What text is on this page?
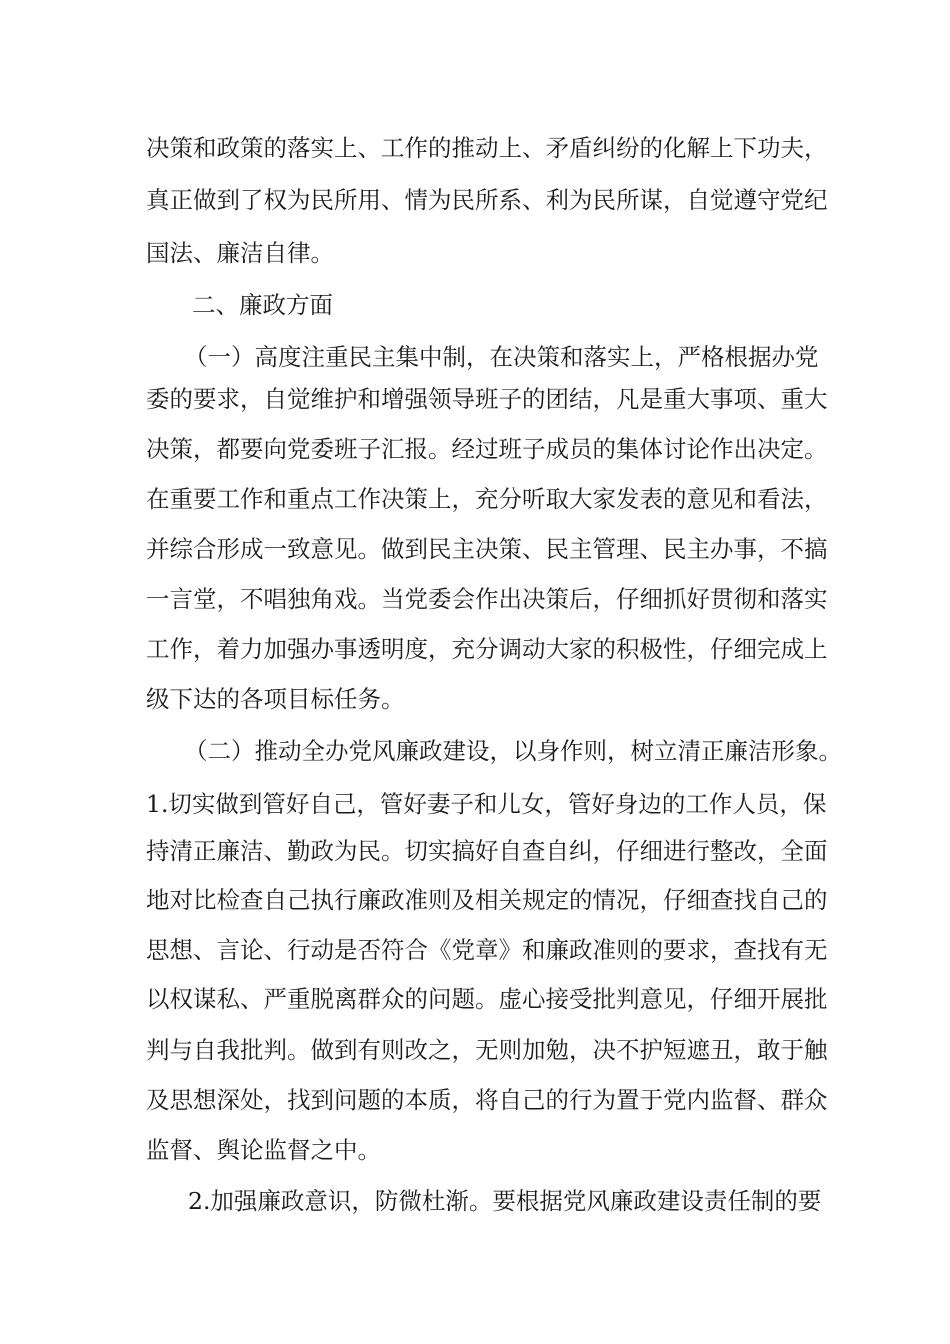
决策和政策的落实上、工作的推动上、矛盾纠纷的化解上下功夫，

真正做到了权为民所用、情为民所系、利为民所谋，自觉遵守党纪

国法、廉洁自律。

二、廉政方面

（一）高度注重民主集中制，在决策和落实上，严格根据办党

委的要求，自觉维护和增强领导班子的团结，凡是重大事项、重大

决策，都要向党委班子汇报。经过班子成员的集体讨论作出决定。

在重要工作和重点工作决策上，充分听取大家发表的意见和看法，

并综合形成一致意见。做到民主决策、民主管理、民主办事，不搞

一言堂，不唱独角戏。当党委会作出决策后，仔细抓好贯彻和落实

工作，着力加强办事透明度，充分调动大家的积极性，仔细完成上

级下达的各项目标任务。

（二）推动全办党风廉政建设，以身作则，树立清正廉洁形象。

1.切实做到管好自己，管好妻子和儿女，管好身边的工作人员，保

持清正廉洁、勤政为民。切实搞好自查自纠，仔细进行整改，全面

地对比检查自己执行廉政准则及相关规定的情况，仔细查找自己的

思想、言论、行动是否符合《党章》和廉政准则的要求，查找有无

以权谋私、严重脱离群众的问题。虚心接受批判意见，仔细开展批

判与自我批判。做到有则改之，无则加勉，决不护短遮丑，敢于触

及思想深处，找到问题的本质，将自己的行为置于党内监督、群众

监督、舆论监督之中。

2.加强廉政意识，防微杜渐。要根据党风廉政建设责任制的要
